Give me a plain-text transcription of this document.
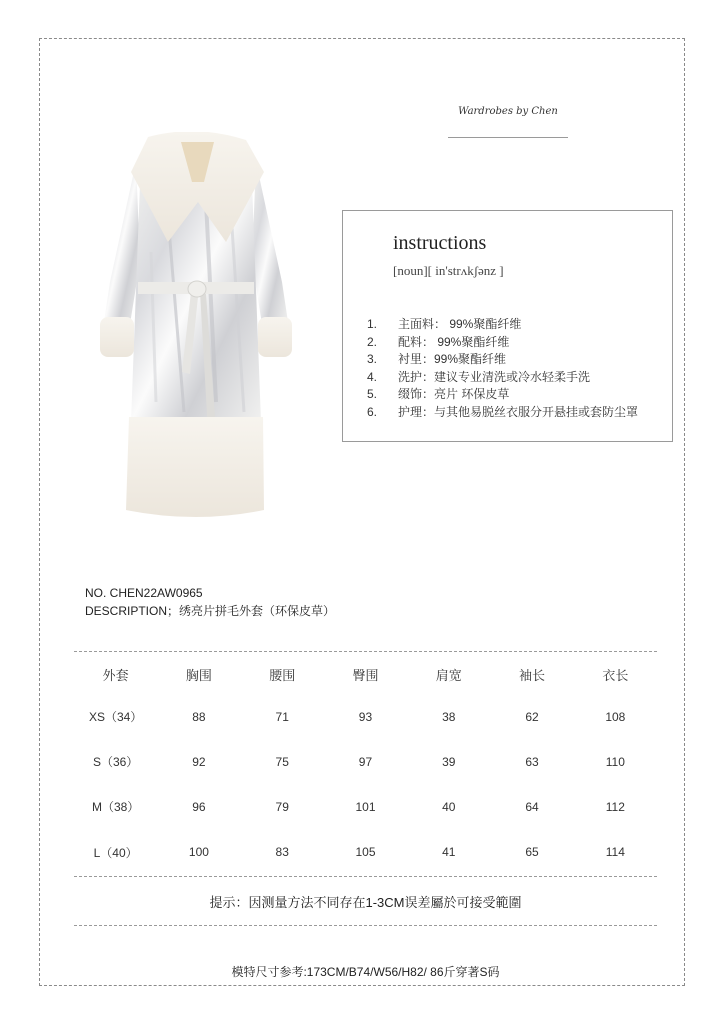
Wardrobes by Chen
instructions
[noun][ in'strʌkʃənz ]
1.	主面料： 99%聚酯纤维
2.	配料： 99%聚酯纤维
3.	衬里：99%聚酯纤维
4.	洗护：建议专业清洗或冷水轻柔手洗
5.	缀饰：亮片 环保皮草
6.	护理：与其他易脱丝衣服分开悬挂或套防尘罩
NO. CHEN22AW0965
DESCRIPTION；绣亮片拼毛外套（环保皮草）
外套	胸围	腰围	臀围	肩宽	袖长	衣长
XS（34）	88	71	93	38	62	108
S（36）	92	75	97	39	63	110
M（38）	96	79	101	40	64	112
L（40）	100	83	105	41	65	114
提示：因测量方法不同存在1-3CM误差屬於可接受範圍
模特尺寸参考:173CM/B74/W56/H82/ 86斤穿著S码
